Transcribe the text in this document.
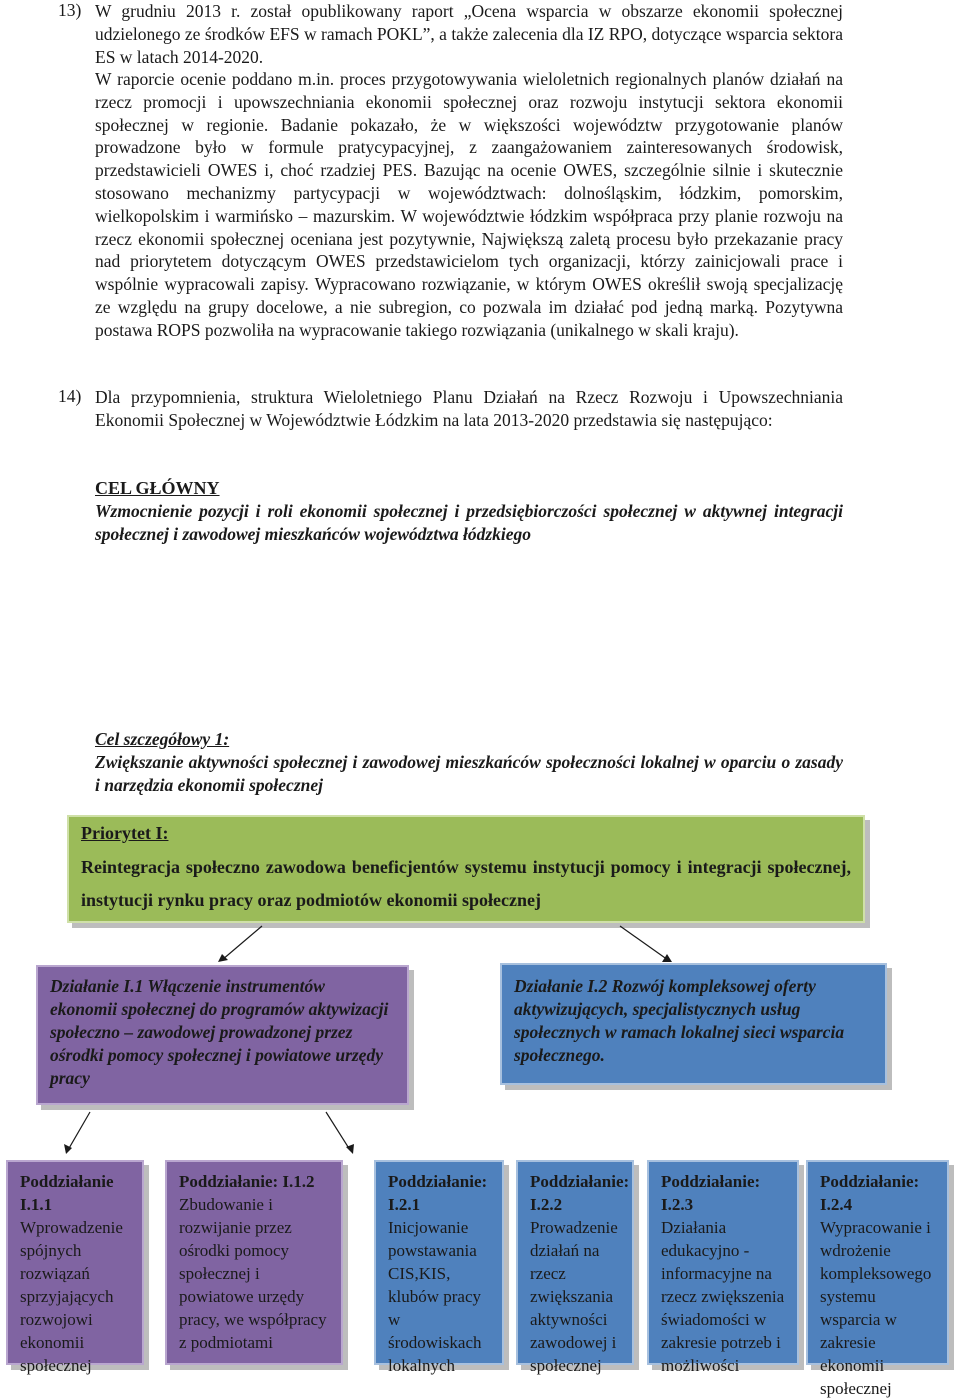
13) W grudniu 2013 r. został opublikowany raport „Ocena wsparcia w obszarze ekonomii społecznej udzielonego ze środków EFS w ramach POKL”, a także zalecenia dla IZ RPO, dotyczące wsparcia sektora ES w latach 2014-2020.
W raporcie ocenie poddano m.in. proces przygotowywania wieloletnich regionalnych planów działań na rzecz promocji i upowszechniania ekonomii społecznej oraz rozwoju instytucji sektora ekonomii społecznej w regionie. Badanie pokazało, że w większości województw przygotowanie planów prowadzone było w formule pratycypacyjnej, z zaangażowaniem zainteresowanych środowisk, przedstawicieli OWES i, choć rzadziej PES. Bazując na ocenie OWES, szczególnie silnie i skutecznie stosowano mechanizmy partycypacji w województwach: dolnośląskim, łódzkim, pomorskim, wielkopolskim i warmińsko – mazurskim. W województwie łódzkim współpraca przy planie rozwoju na rzecz ekonomii społecznej oceniana jest pozytywnie, Największą zaletą procesu było przekazanie pracy nad priorytetem dotyczącym OWES przedstawicielom tych organizacji, którzy zainicjowali prace i wspólnie wypracowali zapisy. Wypracowano rozwiązanie, w którym OWES określił swoją specjalizację ze względu na grupy docelowe, a nie subregion, co pozwala im działać pod jedną marką. Pozytywna postawa ROPS pozwoliła na wypracowanie takiego rozwiązania (unikalnego w skali kraju).
14) Dla przypomnienia, struktura Wieloletniego Planu Działań na Rzecz Rozwoju i Upowszechniania Ekonomii Społecznej w Województwie Łódzkim na lata 2013-2020 przedstawia się następująco:
CEL GŁÓWNY
Wzmocnienie pozycji i roli ekonomii społecznej i przedsiębiorczości społecznej w aktywnej integracji społecznej i zawodowej mieszkańców województwa łódzkiego
Cel szczegółowy 1:
Zwiększanie aktywności społecznej i zawodowej mieszkańców społeczności lokalnej w oparciu o zasady i narzędzia ekonomii społecznej
Priorytet I:
Reintegracja społeczno zawodowa beneficjentów systemu instytucji pomocy i integracji społecznej, instytucji rynku pracy oraz podmiotów ekonomii społecznej
Działanie I.1 Włączenie instrumentów ekonomii społecznej do programów aktywizacji społeczno – zawodowej prowadzonej przez ośrodki pomocy społecznej i powiatowe urzędy pracy
Działanie I.2 Rozwój kompleksowej oferty aktywizujących, specjalistycznych usług społecznych w ramach lokalnej sieci wsparcia społecznego.
Poddziałanie I.1.1
Wprowadzenie spójnych rozwiązań sprzyjających rozwojowi ekonomii społecznej
Poddziałanie: I.1.2
Zbudowanie i rozwijanie przez ośrodki pomocy społecznej i powiatowe urzędy pracy, we współpracy z podmiotami
Poddziałanie: I.2.1
Inicjowanie powstawania CIS,KIS, klubów pracy w środowiskach lokalnych
Poddziałanie: I.2.2
Prowadzenie działań na rzecz zwiększania aktywności zawodowej i społecznej
Poddziałanie: I.2.3
Działania edukacyjno - informacyjne na rzecz zwiększenia świadomości w zakresie potrzeb i możliwości
Poddziałanie: I.2.4
Wypracowanie i wdrożenie kompleksowego systemu wsparcia w zakresie ekonomii społecznej
